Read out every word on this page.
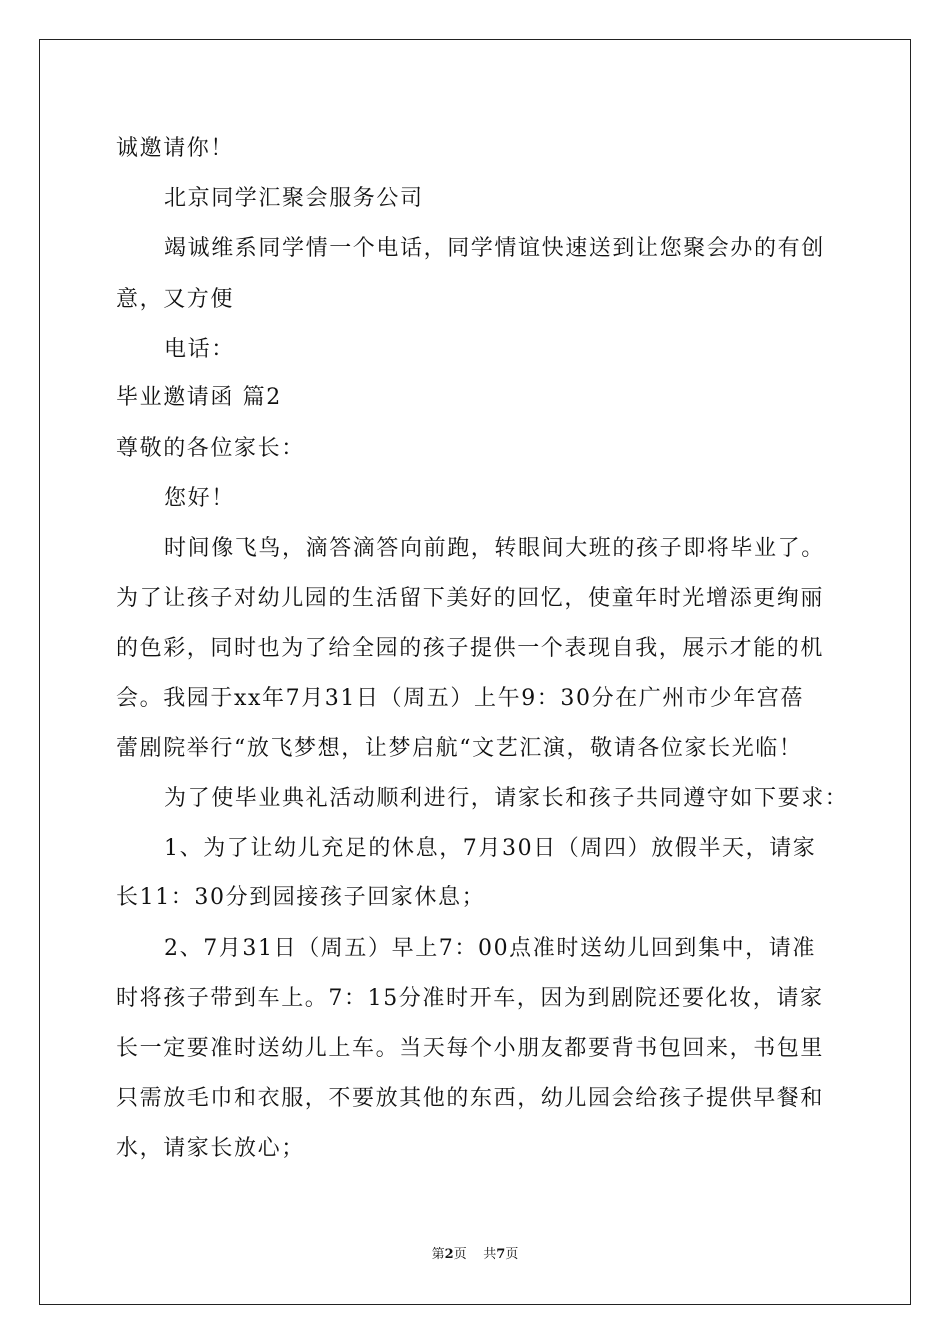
诚邀请你！
北京同学汇聚会服务公司
竭诚维系同学情一个电话，同学情谊快速送到让您聚会办的有创
意，又方便
电话：
毕业邀请函 篇2
尊敬的各位家长：
您好！
时间像飞鸟，滴答滴答向前跑，转眼间大班的孩子即将毕业了。
为了让孩子对幼儿园的生活留下美好的回忆，使童年时光增添更绚丽
的色彩，同时也为了给全园的孩子提供一个表现自我，展示才能的机
会。我园于xx年7月31日（周五）上午9：30分在广州市少年宫蓓
蕾剧院举行“放飞梦想，让梦启航“文艺汇演，敬请各位家长光临！
为了使毕业典礼活动顺利进行，请家长和孩子共同遵守如下要求：
1、为了让幼儿充足的休息，7月30日（周四）放假半天，请家
长11：30分到园接孩子回家休息；
2、7月31日（周五）早上7：00点准时送幼儿回到集中，请准
时将孩子带到车上。7：15分准时开车，因为到剧院还要化妆，请家
长一定要准时送幼儿上车。当天每个小朋友都要背书包回来，书包里
只需放毛巾和衣服，不要放其他的东西，幼儿园会给孩子提供早餐和
水，请家长放心；
第2页 共7页
